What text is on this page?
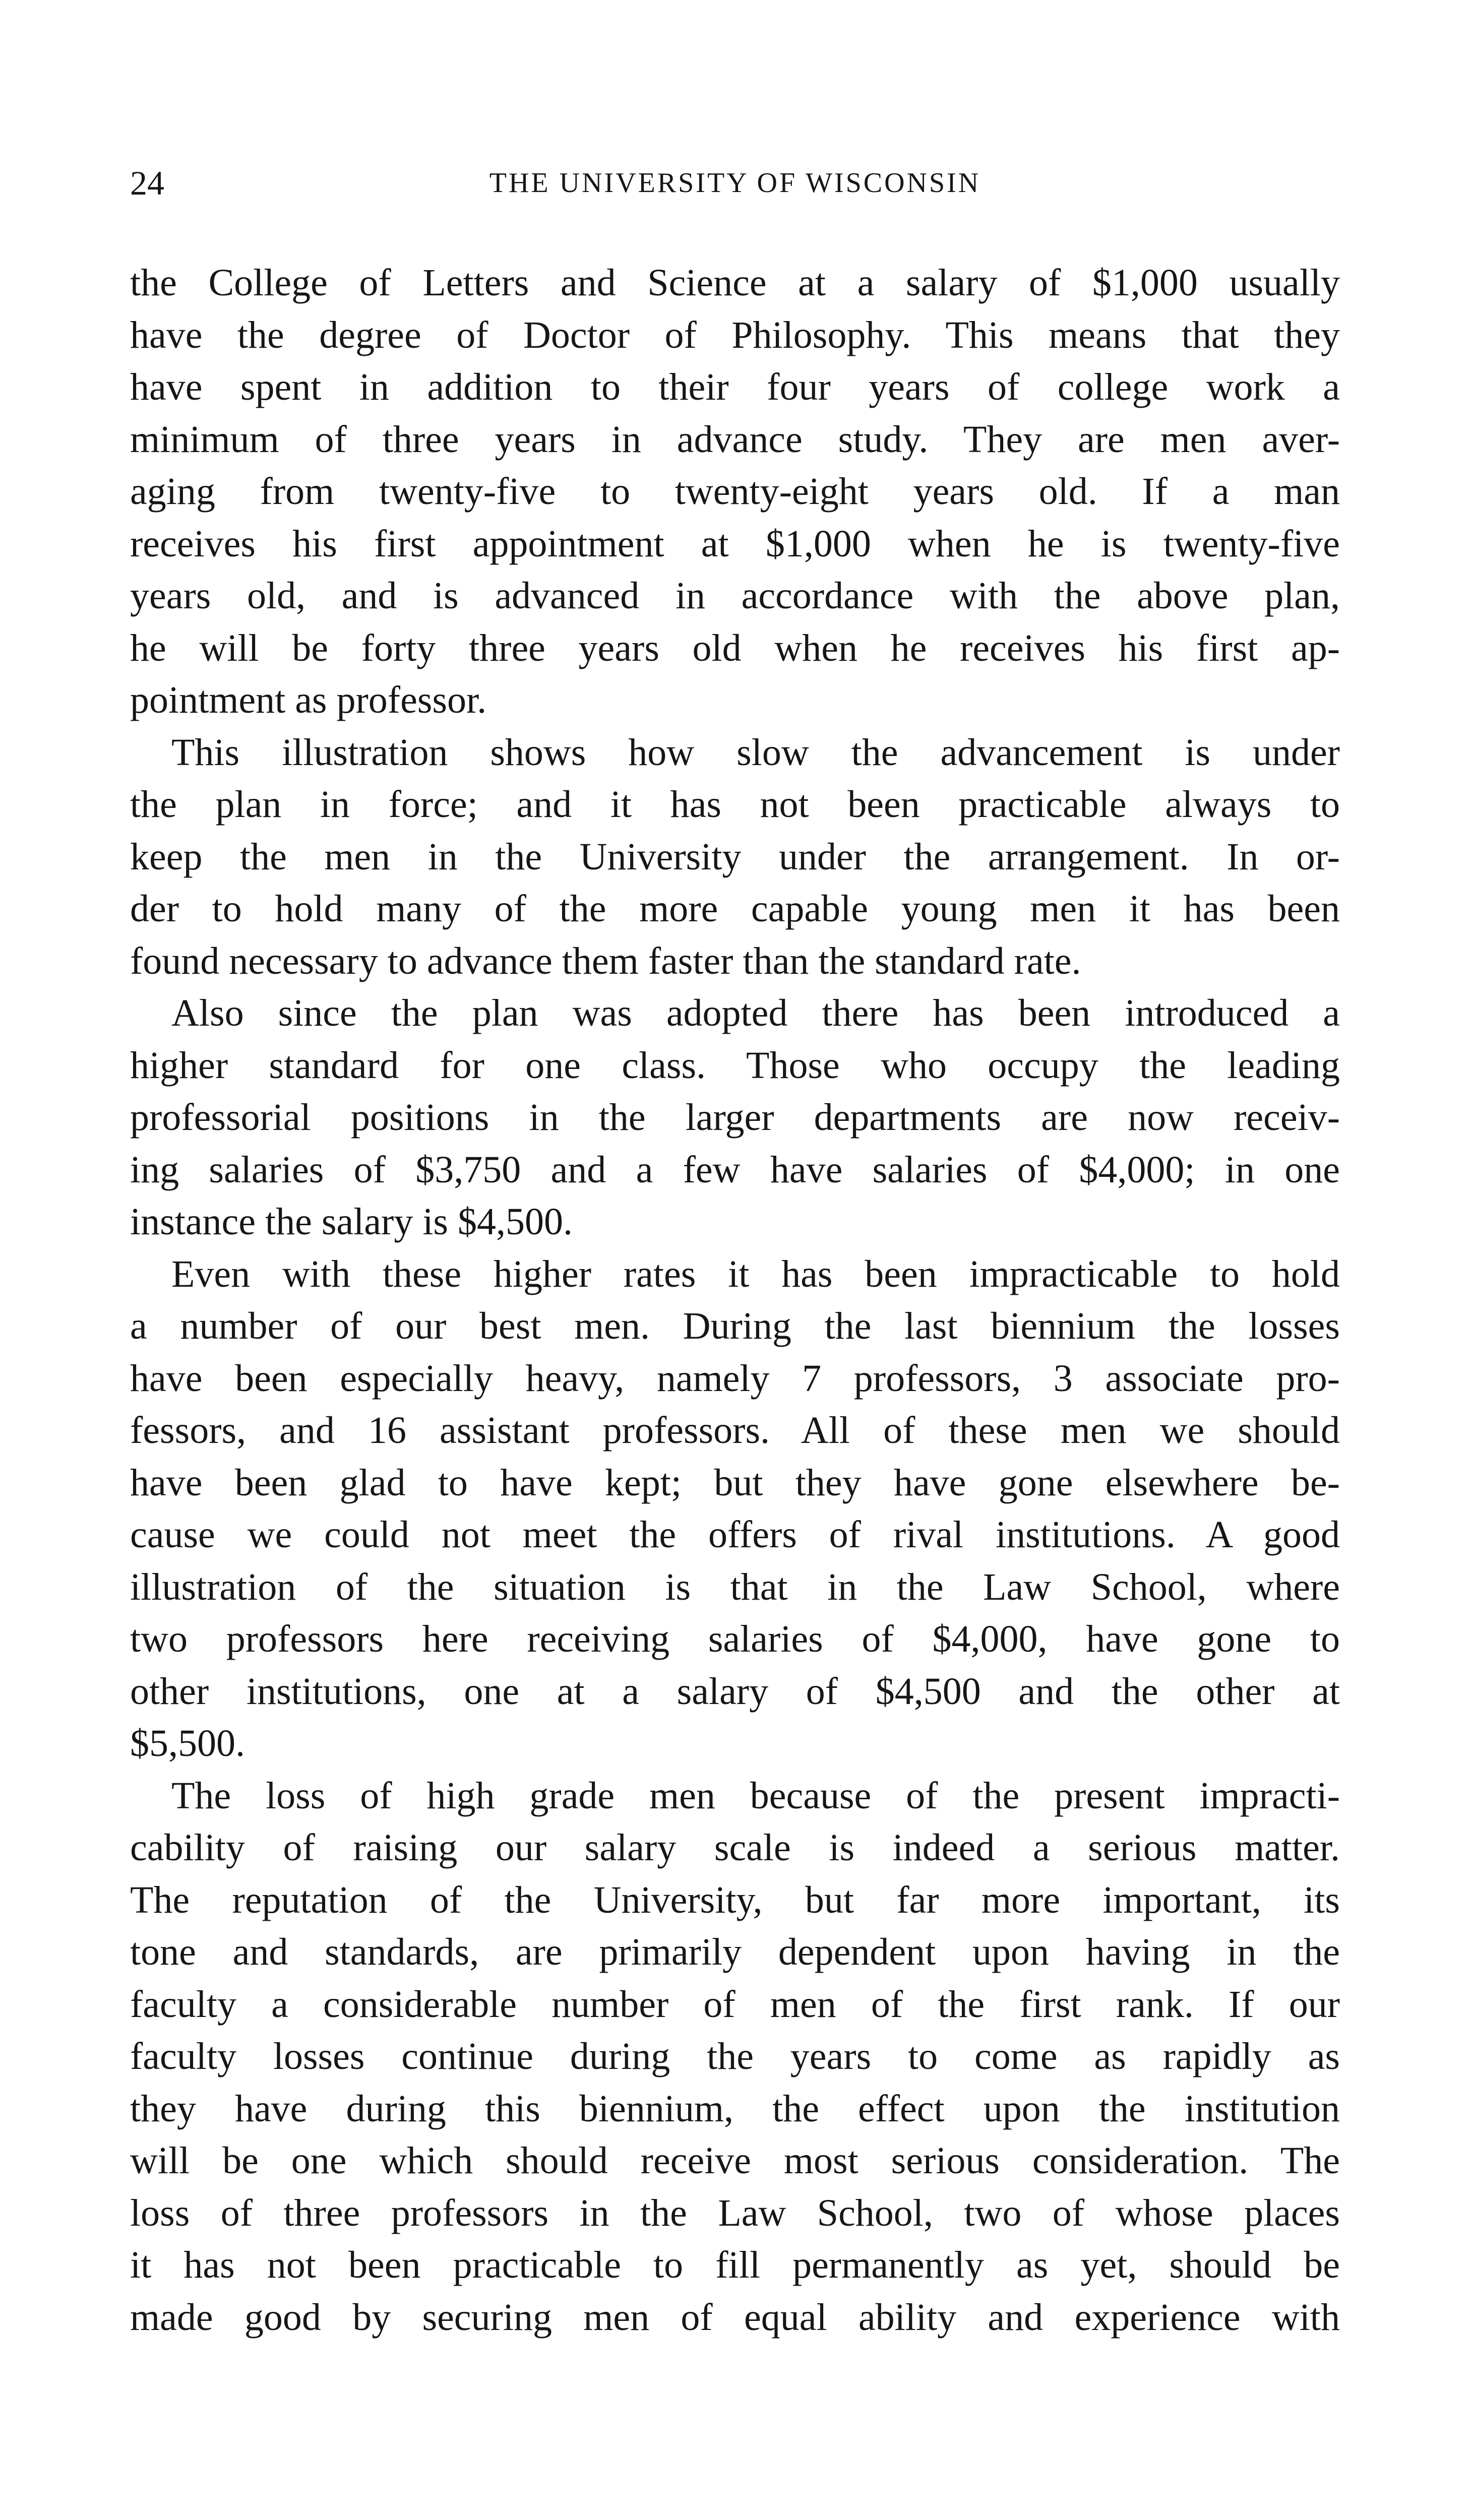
24	THE UNIVERSITY OF WISCONSIN
the College of Letters and Science at a salary of $1,000 usually
have the degree of Doctor of Philosophy. This means that they
have spent in addition to their four years of college work a
minimum of three years in advance study. They are men aver-
aging from twenty-five to twenty-eight years old. If a man
receives his first appointment at $1,000 when he is twenty-five
years old, and is advanced in accordance with the above plan,
he will be forty three years old when he receives his first ap-
pointment as professor.
This illustration shows how slow the advancement is under
the plan in force; and it has not been practicable always to
keep the men in the University under the arrangement. In or-
der to hold many of the more capable young men it has been
found necessary to advance them faster than the standard rate.
Also since the plan was adopted there has been introduced a
higher standard for one class. Those who occupy the leading
professorial positions in the larger departments are now receiv-
ing salaries of $3,750 and a few have salaries of $4,000; in one
instance the salary is $4,500.
Even with these higher rates it has been impracticable to hold
a number of our best men. During the last biennium the losses
have been especially heavy, namely 7 professors, 3 associate pro-
fessors, and 16 assistant professors. All of these men we should
have been glad to have kept; but they have gone elsewhere be-
cause we could not meet the offers of rival institutions. A good
illustration of the situation is that in the Law School, where
two professors here receiving salaries of $4,000, have gone to
other institutions, one at a salary of $4,500 and the other at
$5,500.
The loss of high grade men because of the present impracti-
cability of raising our salary scale is indeed a serious matter.
The reputation of the University, but far more important, its
tone and standards, are primarily dependent upon having in the
faculty a considerable number of men of the first rank. If our
faculty losses continue during the years to come as rapidly as
they have during this biennium, the effect upon the institution
will be one which should receive most serious consideration. The
loss of three professors in the Law School, two of whose places
it has not been practicable to fill permanently as yet, should be
made good by securing men of equal ability and experience with
